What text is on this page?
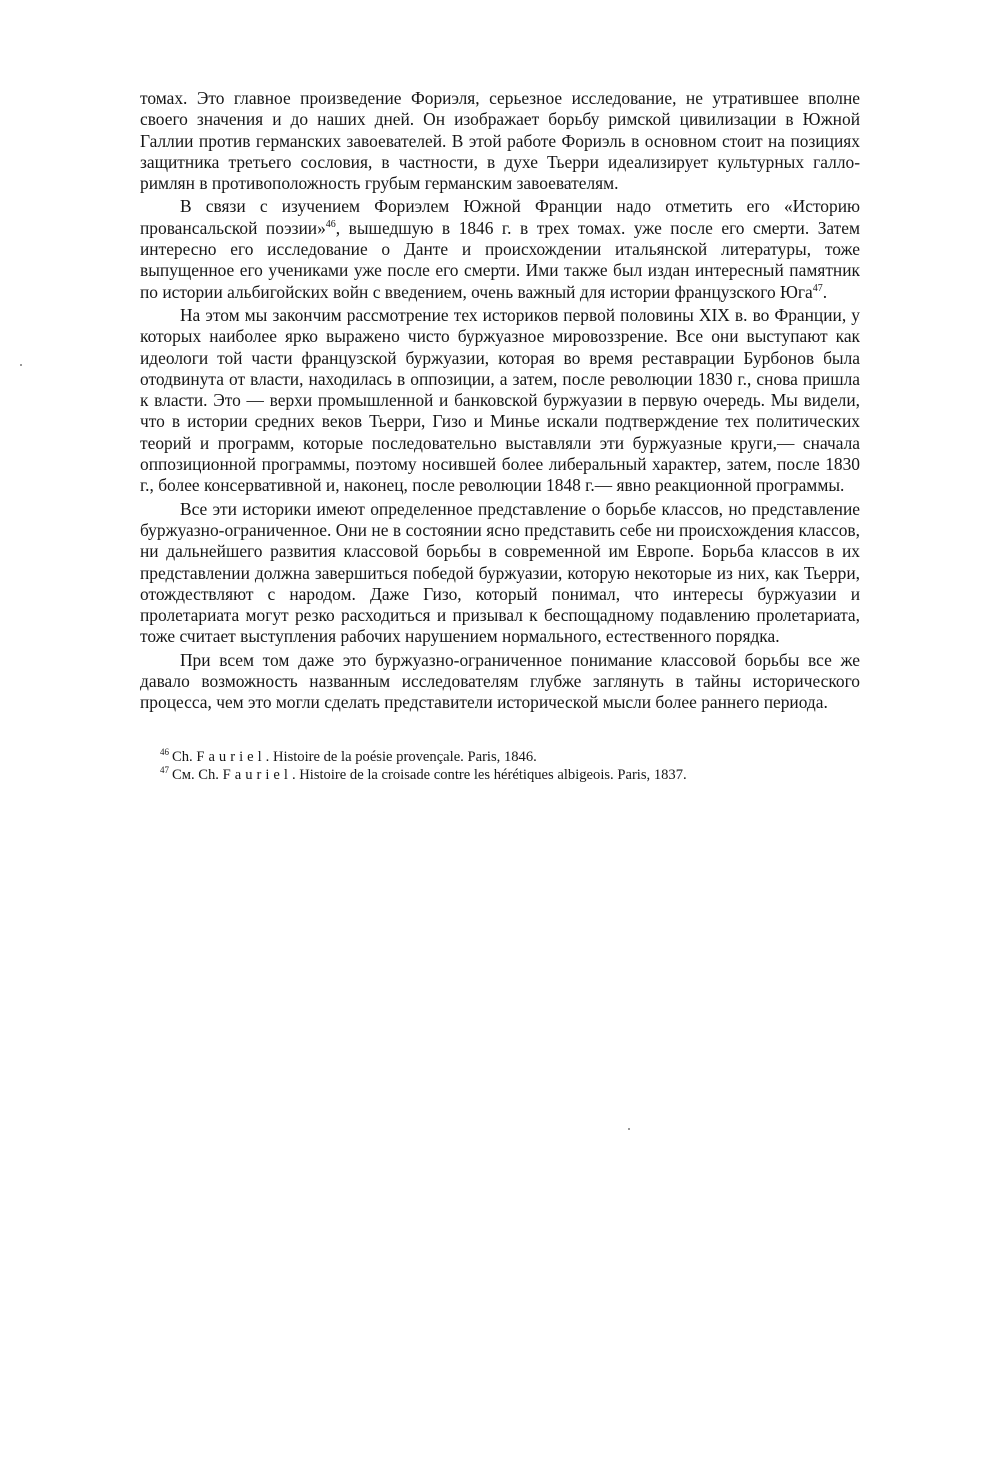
томах. Это главное произведение Фориэля, серьезное исследование, не утратившее вполне своего значения и до наших дней. Он изображает борьбу римской цивилизации в Южной Галлии против германских завоевателей. В этой работе Фориэль в основном стоит на позициях защитника третьего сословия, в частности, в духе Тьерри идеализирует культурных галло-римлян в противоположность грубым германским завоевателям.

В связи с изучением Фориэлем Южной Франции надо отметить его «Историю провансальской поэзии»$^{46}$, вышедшую в 1846 г. в трех томах. уже после его смерти. Затем интересно его исследование о Данте и происхождении итальянской литературы, тоже выпущенное его учениками уже после его смерти. Ими также был издан интересный памятник по истории альбигойских войн с введением, очень важный для истории французского Юга$^{47}$.

На этом мы закончим рассмотрение тех историков первой половины XIX в. во Франции, у которых наиболее ярко выражено чисто буржуазное мировоззрение. Все они выступают как идеологи той части французской буржуазии, которая во время реставрации Бурбонов была отодвинута от власти, находилась в оппозиции, а затем, после революции 1830 г., снова пришла к власти. Это — верхи промышленной и банковской буржуазии в первую очередь. Мы видели, что в истории средних веков Тьерри, Гизо и Минье искали подтверждение тех политических теорий и программ, которые последовательно выставляли эти буржуазные круги,— сначала оппозиционной программы, поэтому носившей более либеральный характер, затем, после 1830 г., более консервативной и, наконец, после революции 1848 г.— явно реакционной программы.

Все эти историки имеют определенное представление о борьбе классов, но представление буржуазно-ограниченное. Они не в состоянии ясно представить себе ни происхождения классов, ни дальнейшего развития классовой борьбы в современной им Европе. Борьба классов в их представлении должна завершиться победой буржуазии, которую некоторые из них, как Тьерри, отождествляют с народом. Даже Гизо, который понимал, что интересы буржуазии и пролетариата могут резко расходиться и призывал к беспощадному подавлению пролетариата, тоже считает выступления рабочих нарушением нормального, естественного порядка.

При всем том даже это буржуазно-ограниченное понимание классовой борьбы все же давало возможность названным исследователям глубже заглянуть в тайны исторического процесса, чем это могли сделать представители исторической мысли более раннего периода.

$^{46}$ Ch. Fauriel. Histoire de la poésie provençale. Paris, 1846.

$^{47}$ См. Ch. Fauriel. Histoire de la croisade contre les hérétiques albigeois. Paris, 1837.
